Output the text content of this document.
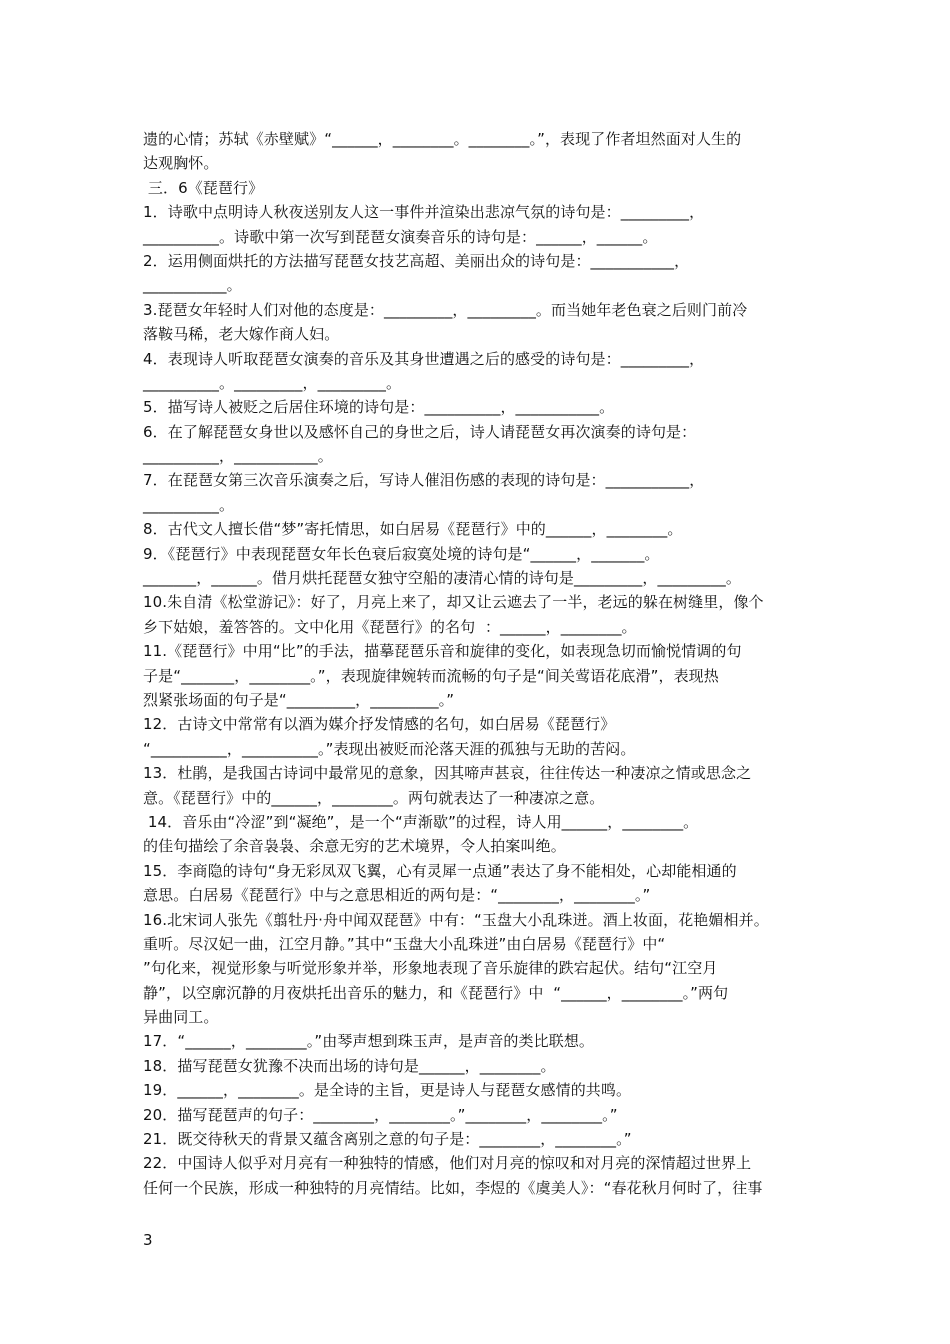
遗的心情；苏轼《赤壁赋》“______，________。________。”，表现了作者坦然面对人生的
达观胸怀。
三．6《琵琶行》
1．诗歌中点明诗人秋夜送别友人这一事件并渲染出悲凉气氛的诗句是：_________，
__________。诗歌中第一次写到琵琶女演奏音乐的诗句是：______，______。
2．运用侧面烘托的方法描写琵琶女技艺高超、美丽出众的诗句是：___________，
___________。
3.琵琶女年轻时人们对他的态度是：_________，_________。而当她年老色衰之后则门前冷
落鞍马稀，老大嫁作商人妇。
4．表现诗人听取琵琶女演奏的音乐及其身世遭遇之后的感受的诗句是：_________，
__________。_________，_________。
5．描写诗人被贬之后居住环境的诗句是：__________，___________。
6．在了解琵琶女身世以及感怀自己的身世之后，诗人请琵琶女再次演奏的诗句是：
__________，___________。
7．在琵琶女第三次音乐演奏之后，写诗人催泪伤感的表现的诗句是：___________，
__________。
8．古代文人擅长借“梦”寄托情思，如白居易《琵琶行》中的______，________。
9．《琵琶行》中表现琵琶女年长色衰后寂寞处境的诗句是“______，_______。
_______，______。借月烘托琵琶女独守空船的凄清心情的诗句是_________，_________。
10.朱自清《松堂游记》：好了，月亮上来了，却又让云遮去了一半，老远的躲在树缝里，像个
乡下姑娘，羞答答的。文中化用《琵琶行》的名句  ：______，________。
11.《琵琶行》中用“比”的手法，描摹琵琶乐音和旋律的变化，如表现急切而愉悦情调的句
子是“_______，________。”，表现旋律婉转而流畅的句子是“间关莺语花底滑”，表现热
烈紧张场面的句子是“_________，_________。”
12．古诗文中常常有以酒为媒介抒发情感的名句，如白居易《琵琶行》
“__________，__________。”表现出被贬而沦落天涯的孤独与无助的苦闷。
13．杜鹃，是我国古诗词中最常见的意象，因其啼声甚哀，往往传达一种凄凉之情或思念之
意。《琵琶行》中的______，________。两句就表达了一种凄凉之意。
14．音乐由“冷涩”到“凝绝”，是一个“声渐歇”的过程，诗人用______，________。
的佳句描绘了余音袅袅、余意无穷的艺术境界，令人拍案叫绝。
15．李商隐的诗句“身无彩凤双飞翼，心有灵犀一点通”表达了身不能相处，心却能相通的
意思。白居易《琵琶行》中与之意思相近的两句是：“________，________。”
16.北宋词人张先《翦牡丹·舟中闻双琵琶》中有：“玉盘大小乱珠迸。酒上妆面，花艳媚相并。
重听。尽汉妃一曲，江空月静。”其中“玉盘大小乱珠迸”由白居易《琵琶行》中“
”句化来，视觉形象与听觉形象并举，形象地表现了音乐旋律的跌宕起伏。结句“江空月
静”，以空廓沉静的月夜烘托出音乐的魅力，和《琵琶行》中  “______，________。”两句
异曲同工。
17．“______，________。”由琴声想到珠玉声，是声音的类比联想。
18．描写琵琶女犹豫不决而出场的诗句是______，________。
19．______，________。是全诗的主旨，更是诗人与琵琶女感情的共鸣。
20．描写琵琶声的句子：________，________。”________，________。”
21．既交待秋天的背景又蕴含离别之意的句子是：________，________。”
22．中国诗人似乎对月亮有一种独特的情感，他们对月亮的惊叹和对月亮的深情超过世界上
任何一个民族，形成一种独特的月亮情结。比如，李煜的《虞美人》：“春花秋月何时了，往事
3
